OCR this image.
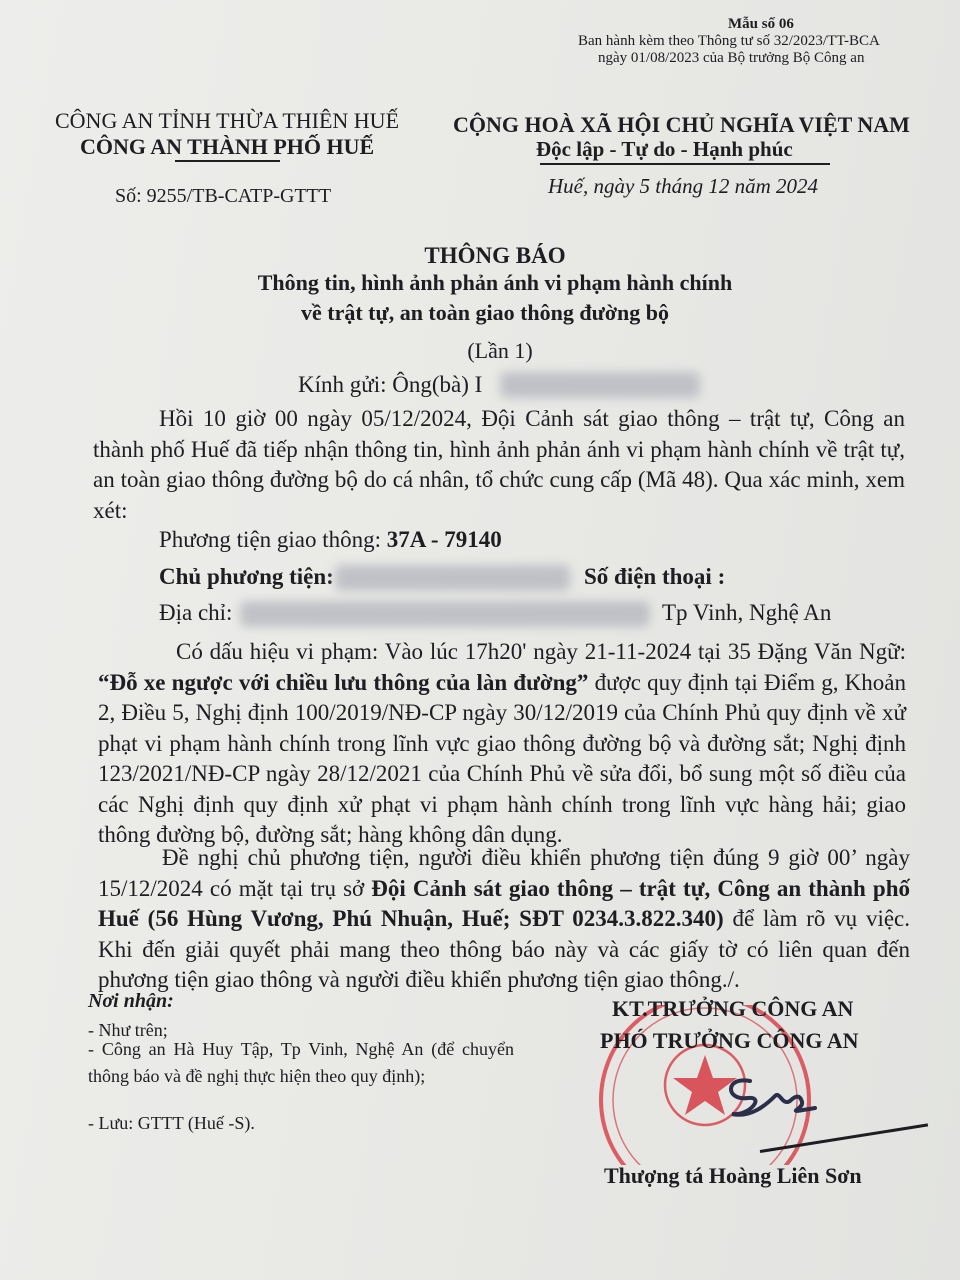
Mẫu số 06
Ban hành kèm theo Thông tư số 32/2023/TT-BCA
ngày 01/08/2023 của Bộ trưởng Bộ Công an
CÔNG AN TỈNH THỪA THIÊN HUẾ
CÔNG AN THÀNH PHỐ HUẾ
Số: 9255/TB-CATP-GTTT
CỘNG HOÀ XÃ HỘI CHỦ NGHĨA VIỆT NAM
Độc lập - Tự do - Hạnh phúc
Huế, ngày 5 tháng 12 năm 2024
THÔNG BÁO
Thông tin, hình ảnh phản ánh vi phạm hành chính
về trật tự, an toàn giao thông đường bộ
(Lần 1)
Kính gửi: Ông(bà) I

Hồi 10 giờ 00 ngày 05/12/2024, Đội Cảnh sát giao thông – trật tự, Công an thành phố Huế đã tiếp nhận thông tin, hình ảnh phản ánh vi phạm hành chính về trật tự, an toàn giao thông đường bộ do cá nhân, tổ chức cung cấp (Mã 48). Qua xác minh, xem xét:

Phương tiện giao thông: 37A - 79140
Chủ phương tiện:	Số điện thoại :
Địa chỉ:	Tp Vinh, Nghệ An

Có dấu hiệu vi phạm: Vào lúc 17h20' ngày 21-11-2024 tại 35 Đặng Văn Ngữ: “Đỗ xe ngược với chiều lưu thông của làn đường” được quy định tại Điểm g, Khoản 2, Điều 5, Nghị định 100/2019/NĐ-CP ngày 30/12/2019 của Chính Phủ quy định về xử phạt vi phạm hành chính trong lĩnh vực giao thông đường bộ và đường sắt; Nghị định 123/2021/NĐ-CP ngày 28/12/2021 của Chính Phủ về sửa đổi, bổ sung một số điều của các Nghị định quy định xử phạt vi phạm hành chính trong lĩnh vực hàng hải; giao thông đường bộ, đường sắt; hàng không dân dụng.

Đề nghị chủ phương tiện, người điều khiển phương tiện đúng 9 giờ 00’ ngày 15/12/2024 có mặt tại trụ sở Đội Cảnh sát giao thông – trật tự, Công an thành phố Huế (56 Hùng Vương, Phú Nhuận, Huế; SĐT 0234.3.822.340) để làm rõ vụ việc. Khi đến giải quyết phải mang theo thông báo này và các giấy tờ có liên quan đến phương tiện giao thông và người điều khiển phương tiện giao thông./.

Nơi nhận:
- Như trên;
- Công an Hà Huy Tập, Tp Vinh, Nghệ An (để chuyển thông báo và đề nghị thực hiện theo quy định);
- Lưu: GTTT (Huế -S).
KT.TRƯỞNG CÔNG AN
PHÓ TRƯỞNG CÔNG AN
Thượng tá Hoàng Liên Sơn
